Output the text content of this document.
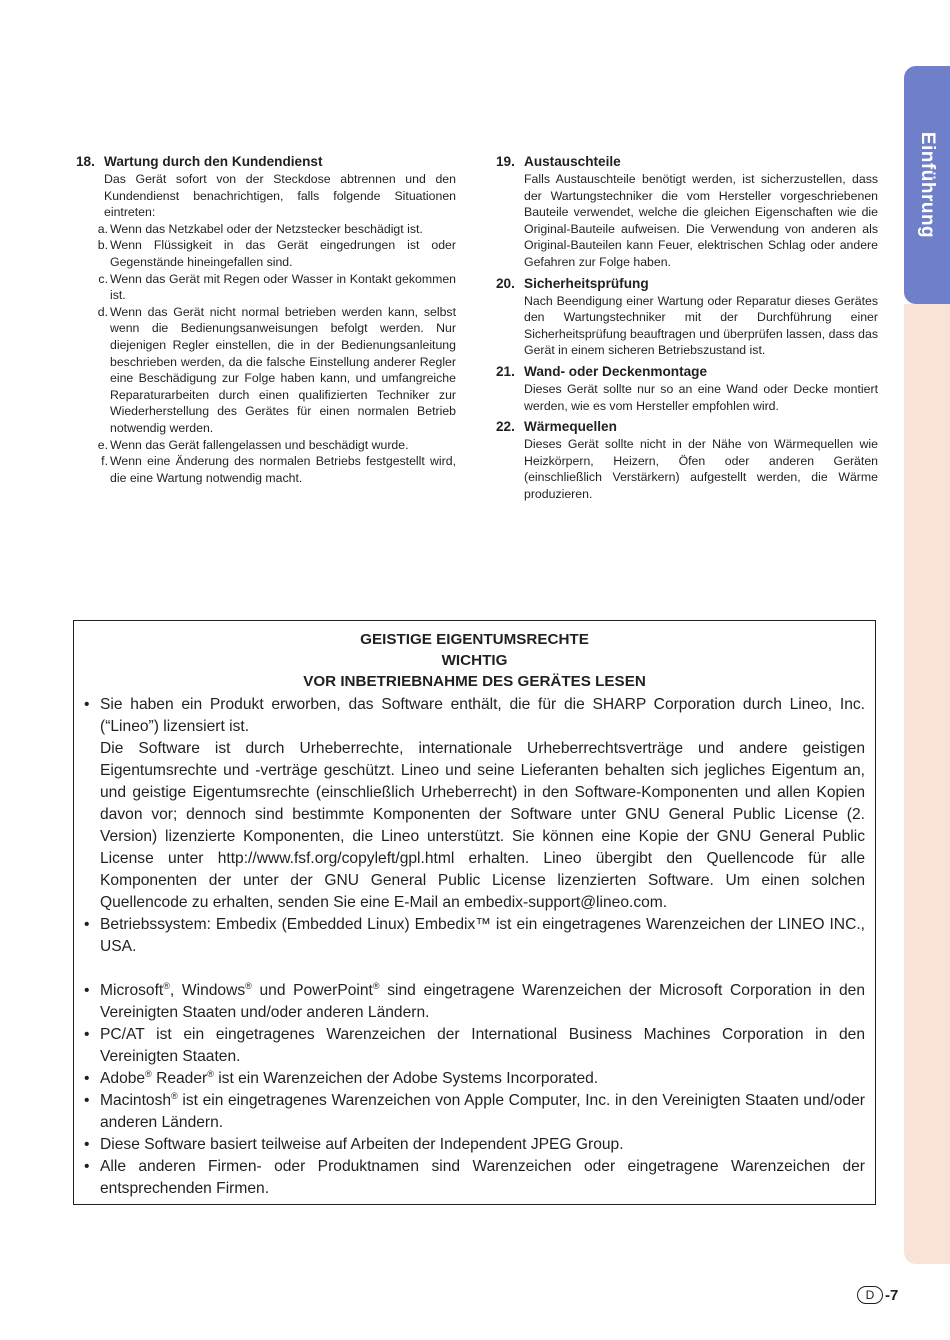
Einführung
18. Wartung durch den Kundendienst
Das Gerät sofort von der Steckdose abtrennen und den Kundendienst benachrichtigen, falls folgende Situationen eintreten:
a. Wenn das Netzkabel oder der Netzstecker beschädigt ist.
b. Wenn Flüssigkeit in das Gerät eingedrungen ist oder Gegenstände hineingefallen sind.
c. Wenn das Gerät mit Regen oder Wasser in Kontakt gekommen ist.
d. Wenn das Gerät nicht normal betrieben werden kann, selbst wenn die Bedienungsanweisungen befolgt werden. Nur diejenigen Regler einstellen, die in der Bedienungsanleitung beschrieben werden, da die falsche Einstellung anderer Regler eine Beschädigung zur Folge haben kann, und umfangreiche Reparaturarbeiten durch einen qualifizierten Techniker zur Wiederherstellung des Gerätes für einen normalen Betrieb notwendig werden.
e. Wenn das Gerät fallengelassen und beschädigt wurde.
f. Wenn eine Änderung des normalen Betriebs festgestellt wird, die eine Wartung notwendig macht.
19. Austauschteile
Falls Austauschteile benötigt werden, ist sicherzustellen, dass der Wartungstechniker die vom Hersteller vorgeschriebenen Bauteile verwendet, welche die gleichen Eigenschaften wie die Original-Bauteile aufweisen. Die Verwendung von anderen als Original-Bauteilen kann Feuer, elektrischen Schlag oder andere Gefahren zur Folge haben.
20. Sicherheitsprüfung
Nach Beendigung einer Wartung oder Reparatur dieses Gerätes den Wartungstechniker mit der Durchführung einer Sicherheitsprüfung beauftragen und überprüfen lassen, dass das Gerät in einem sicheren Betriebszustand ist.
21. Wand- oder Deckenmontage
Dieses Gerät sollte nur so an eine Wand oder Decke montiert werden, wie es vom Hersteller empfohlen wird.
22. Wärmequellen
Dieses Gerät sollte nicht in der Nähe von Wärmequellen wie Heizkörpern, Heizern, Öfen oder anderen Geräten (einschließlich Verstärkern) aufgestellt werden, die Wärme produzieren.
GEISTIGE EIGENTUMSRECHTE
WICHTIG
VOR INBETRIEBNAHME DES GERÄTES LESEN
• Sie haben ein Produkt erworben, das Software enthält, die für die SHARP Corporation durch Lineo, Inc. (“Lineo”) lizensiert ist.
Die Software ist durch Urheberrechte, internationale Urheberrechtsverträge und andere geistigen Eigentumsrechte und -verträge geschützt. Lineo und seine Lieferanten behalten sich jegliches Eigentum an, und geistige Eigentumsrechte (einschließlich Urheberrecht) in den Software-Komponenten und allen Kopien davon vor; dennoch sind bestimmte Komponenten der Software unter GNU General Public License (2. Version) lizenzierte Komponenten, die Lineo unterstützt. Sie können eine Kopie der GNU General Public License unter http://www.fsf.org/copyleft/gpl.html erhalten. Lineo übergibt den Quellencode für alle Komponenten der unter der GNU General Public License lizenzierten Software. Um einen solchen Quellencode zu erhalten, senden Sie eine E-Mail an embedix-support@lineo.com.
• Betriebssystem: Embedix (Embedded Linux) Embedix™ ist ein eingetragenes Warenzeichen der LINEO INC., USA.
• Microsoft®, Windows® und PowerPoint® sind eingetragene Warenzeichen der Microsoft Corporation in den Vereinigten Staaten und/oder anderen Ländern.
• PC/AT ist ein eingetragenes Warenzeichen der International Business Machines Corporation in den Vereinigten Staaten.
• Adobe® Reader® ist ein Warenzeichen der Adobe Systems Incorporated.
• Macintosh® ist ein eingetragenes Warenzeichen von Apple Computer, Inc. in den Vereinigten Staaten und/oder anderen Ländern.
• Diese Software basiert teilweise auf Arbeiten der Independent JPEG Group.
• Alle anderen Firmen- oder Produktnamen sind Warenzeichen oder eingetragene Warenzeichen der entsprechenden Firmen.
D -7
